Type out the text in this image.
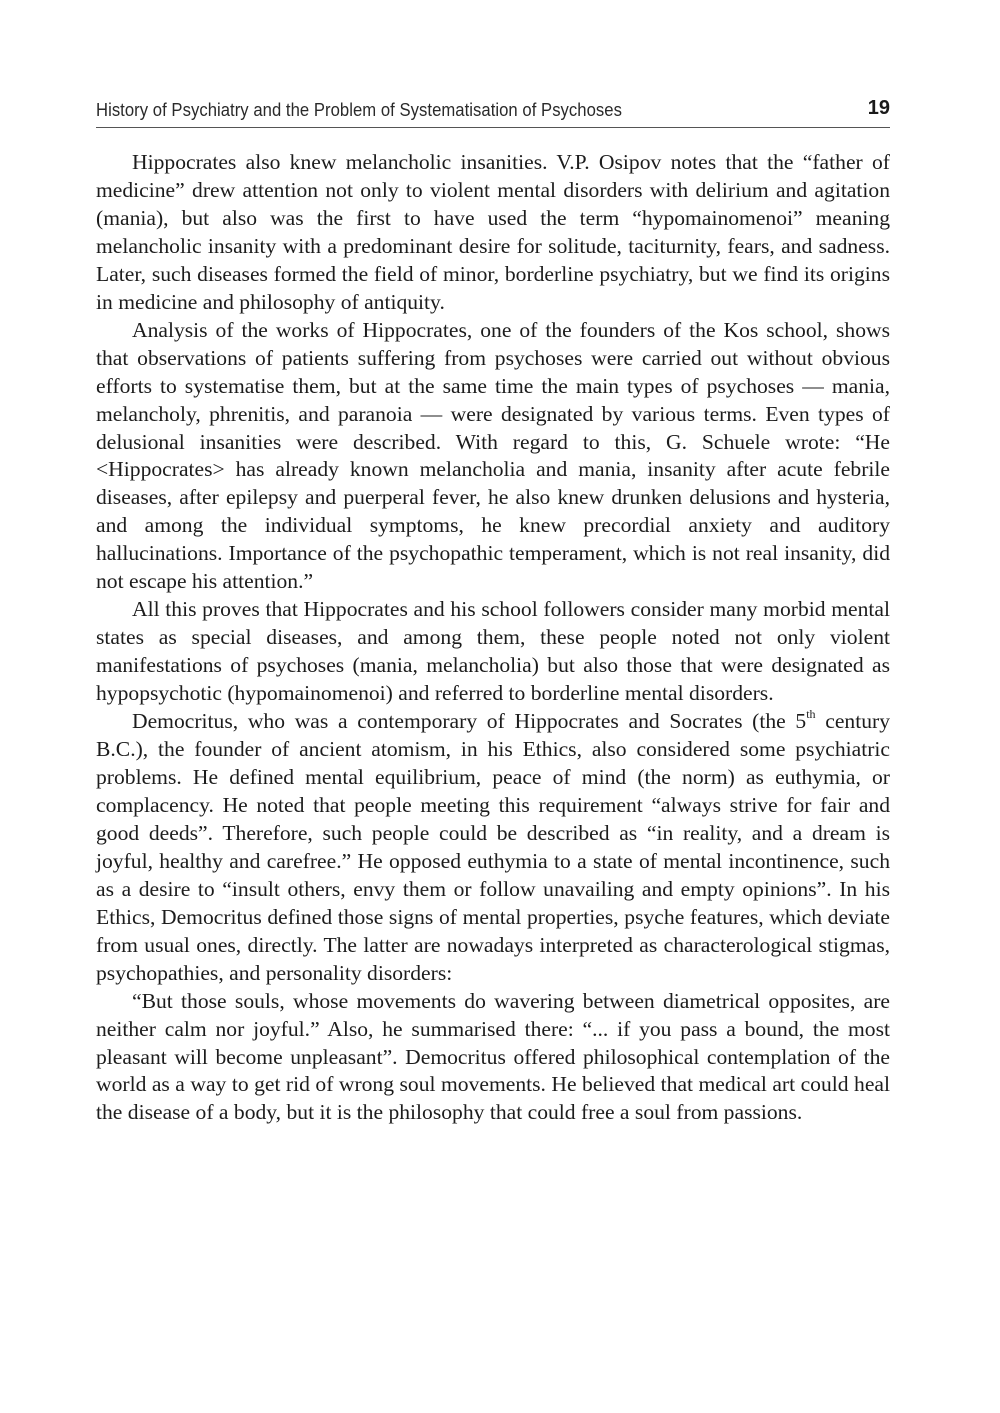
History of Psychiatry and the Problem of Systematisation of Psychoses	19

Hippocrates also knew melancholic insanities. V.P. Osipov notes that the “father of medicine” drew attention not only to violent mental disorders with delirium and agitation (mania), but also was the first to have used the term “hypomainomenoi” meaning melancholic insanity with a predominant desire for solitude, taciturnity, fears, and sadness. Later, such diseases formed the field of minor, borderline psychiatry, but we find its origins in medicine and philosophy of antiquity.

Analysis of the works of Hippocrates, one of the founders of the Kos school, shows that observations of patients suffering from psychoses were carried out without obvious efforts to systematise them, but at the same time the main types of psychoses — mania, melancholy, phrenitis, and paranoia — were designated by various terms. Even types of delusional insanities were described. With regard to this, G. Schuele wrote: “He <Hippocrates> has already known melancholia and mania, insanity after acute febrile diseases, after epilepsy and puerperal fever, he also knew drunken delusions and hysteria, and among the individual symptoms, he knew precordial anxiety and auditory hallucinations. Importance of the psychopathic temperament, which is not real insanity, did not escape his attention.”

All this proves that Hippocrates and his school followers consider many morbid mental states as special diseases, and among them, these people noted not only violent manifestations of psychoses (mania, melancholia) but also those that were designated as hypopsychotic (hypomainomenoi) and referred to borderline mental disorders.

Democritus, who was a contemporary of Hippocrates and Socrates (the 5th century B.C.), the founder of ancient atomism, in his Ethics, also considered some psychiatric problems. He defined mental equilibrium, peace of mind (the norm) as euthymia, or complacency. He noted that people meeting this requirement “always strive for fair and good deeds”. Therefore, such people could be described as “in reality, and a dream is joyful, healthy and carefree.” He opposed euthymia to a state of mental incontinence, such as a desire to “insult others, envy them or follow unavailing and empty opinions”. In his Ethics, Democritus defined those signs of mental properties, psyche features, which deviate from usual ones, directly. The latter are nowadays interpreted as characterological stigmas, psychopathies, and personality disorders:

“But those souls, whose movements do wavering between diametrical opposites, are neither calm nor joyful.” Also, he summarised there: “... if you pass a bound, the most pleasant will become unpleasant”. Democritus offered philosophical contemplation of the world as a way to get rid of wrong soul movements. He believed that medical art could heal the disease of a body, but it is the philosophy that could free a soul from passions.
